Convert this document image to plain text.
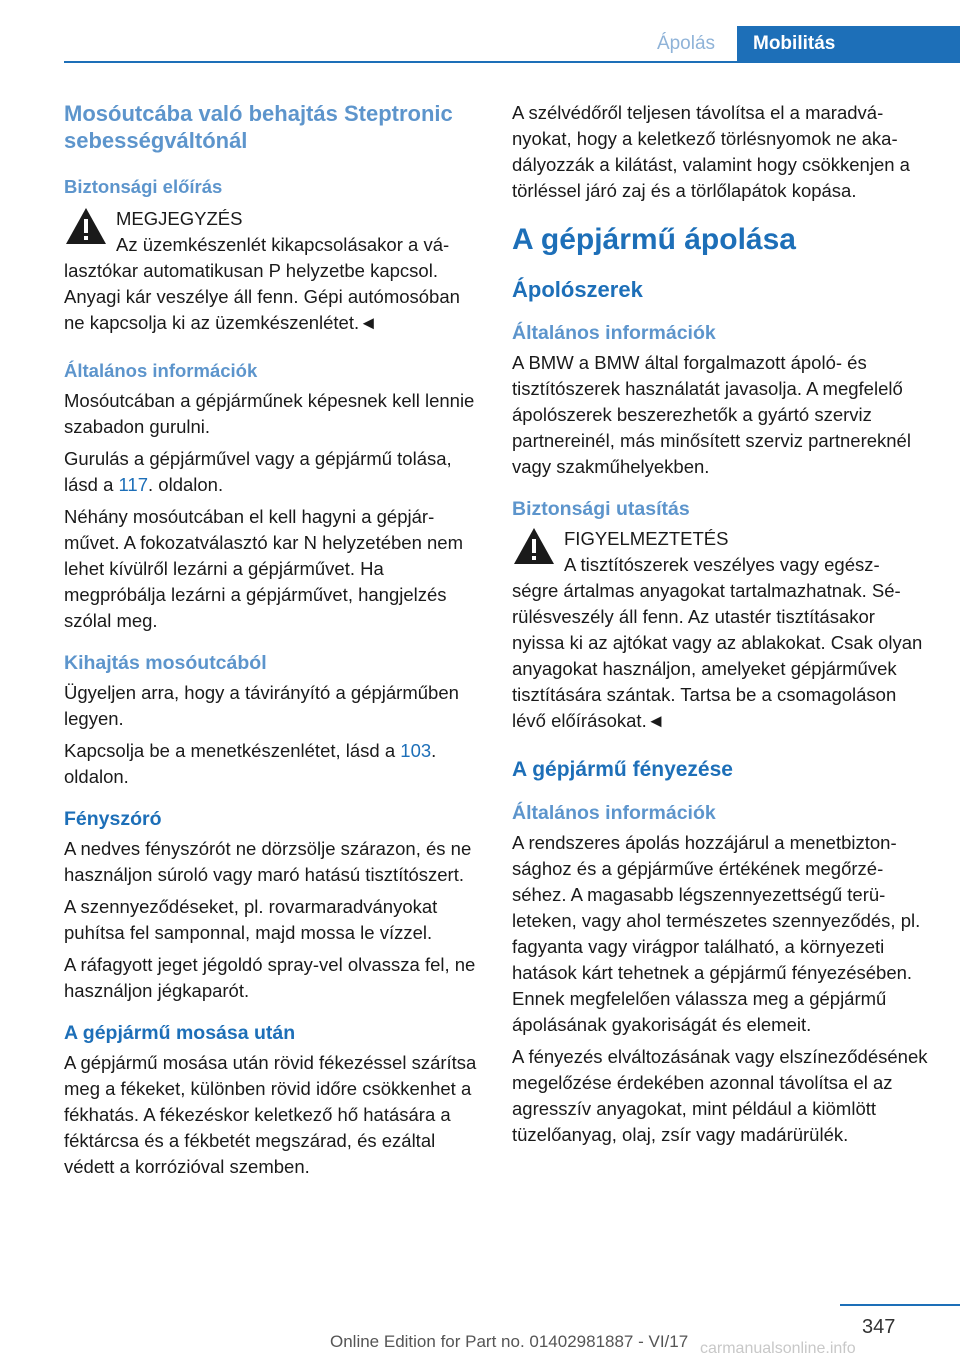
Ápolás	Mobilitás
Mosóutcába való behajtás Steptronic sebességváltónál
Biztonsági előírás
MEGJEGYZÉS
Az üzemkészenlét kikapcsolásakor a vá-
lasztókar automatikusan P helyzetbe kapcsol. Anyagi kár veszélye áll fenn. Gépi autómosóban ne kapcsolja ki az üzemkészenlétet.◄
Általános információk

Mosóutcában a gépjárműnek képesnek kell lennie szabadon gurulni.

Gurulás a gépjárművel vagy a gépjármű tolása, lásd a 117. oldalon.

Néhány mosóutcában el kell hagyni a gépjárművet. A fokozatválasztó kar N helyzetében nem lehet kívülről lezárni a gépjárművet. Ha megpróbálja lezárni a gépjárművet, hangjelzés szólal meg.

Kihajtás mosóutcából

Ügyeljen arra, hogy a távirányító a gépjárműben legyen.

Kapcsolja be a menetkészenlétet, lásd a 103. oldalon.

Fényszóró

A nedves fényszórót ne dörzsölje szárazon, és ne használjon súroló vagy maró hatású tisztítószert.

A szennyeződéseket, pl. rovarmaradványokat puhítsa fel samponnal, majd mossa le vízzel.

A ráfagyott jeget jégoldó spray-vel olvassza fel, ne használjon jégkaparót.

A gépjármű mosása után

A gépjármű mosása után rövid fékezéssel szárítsa meg a fékeket, különben rövid időre csökkenhet a fékhatás. A fékezéskor keletkező hő hatására a féktárcsa és a fékbetét megszárad, és ezáltal védett a korrózióval szemben.

A szélvédőről teljesen távolítsa el a maradványokat, hogy a keletkező törlésnyomok ne akadályozzák a kilátást, valamint hogy csökkenjen a törléssel járó zaj és a törlőlapátok kopása.

A gépjármű ápolása
Ápolószerek
Általános információk

A BMW a BMW által forgalmazott ápoló- és tisztítószerek használatát javasolja. A megfelelő ápolószerek beszerezhetők a gyártó szerviz partnereinél, más minősített szerviz partnereknél vagy szakműhelyekben.

Biztonsági utasítás
FIGYELMEZTETÉS
A tisztítószerek veszélyes vagy egész-
ségre ártalmas anyagokat tartalmazhatnak. Sérülésveszély áll fenn. Az utastér tisztításakor nyissa ki az ajtókat vagy az ablakokat. Csak olyan anyagokat használjon, amelyeket gépjárművek tisztítására szántak. Tartsa be a csomagoláson lévő előírásokat.◄
A gépjármű fényezése
Általános információk

A rendszeres ápolás hozzájárul a menetbiztonsághoz és a gépjárműve értékének megőrzéséhez. A magasabb légszennyezettségű területeken, vagy ahol természetes szennyeződés, pl. fagyanta vagy virágpor található, a környezeti hatások kárt tehetnek a gépjármű fényezésében. Ennek megfelelően válassza meg a gépjármű ápolásának gyakoriságát és elemeit.

A fényezés elváltozásának vagy elszíneződésének megelőzése érdekében azonnal távolítsa el az agresszív anyagokat, mint például a kiömlött tüzelőanyag, olaj, zsír vagy madárürülék.

347
Online Edition for Part no. 01402981887 - VI/17 carmanualsonline.info
